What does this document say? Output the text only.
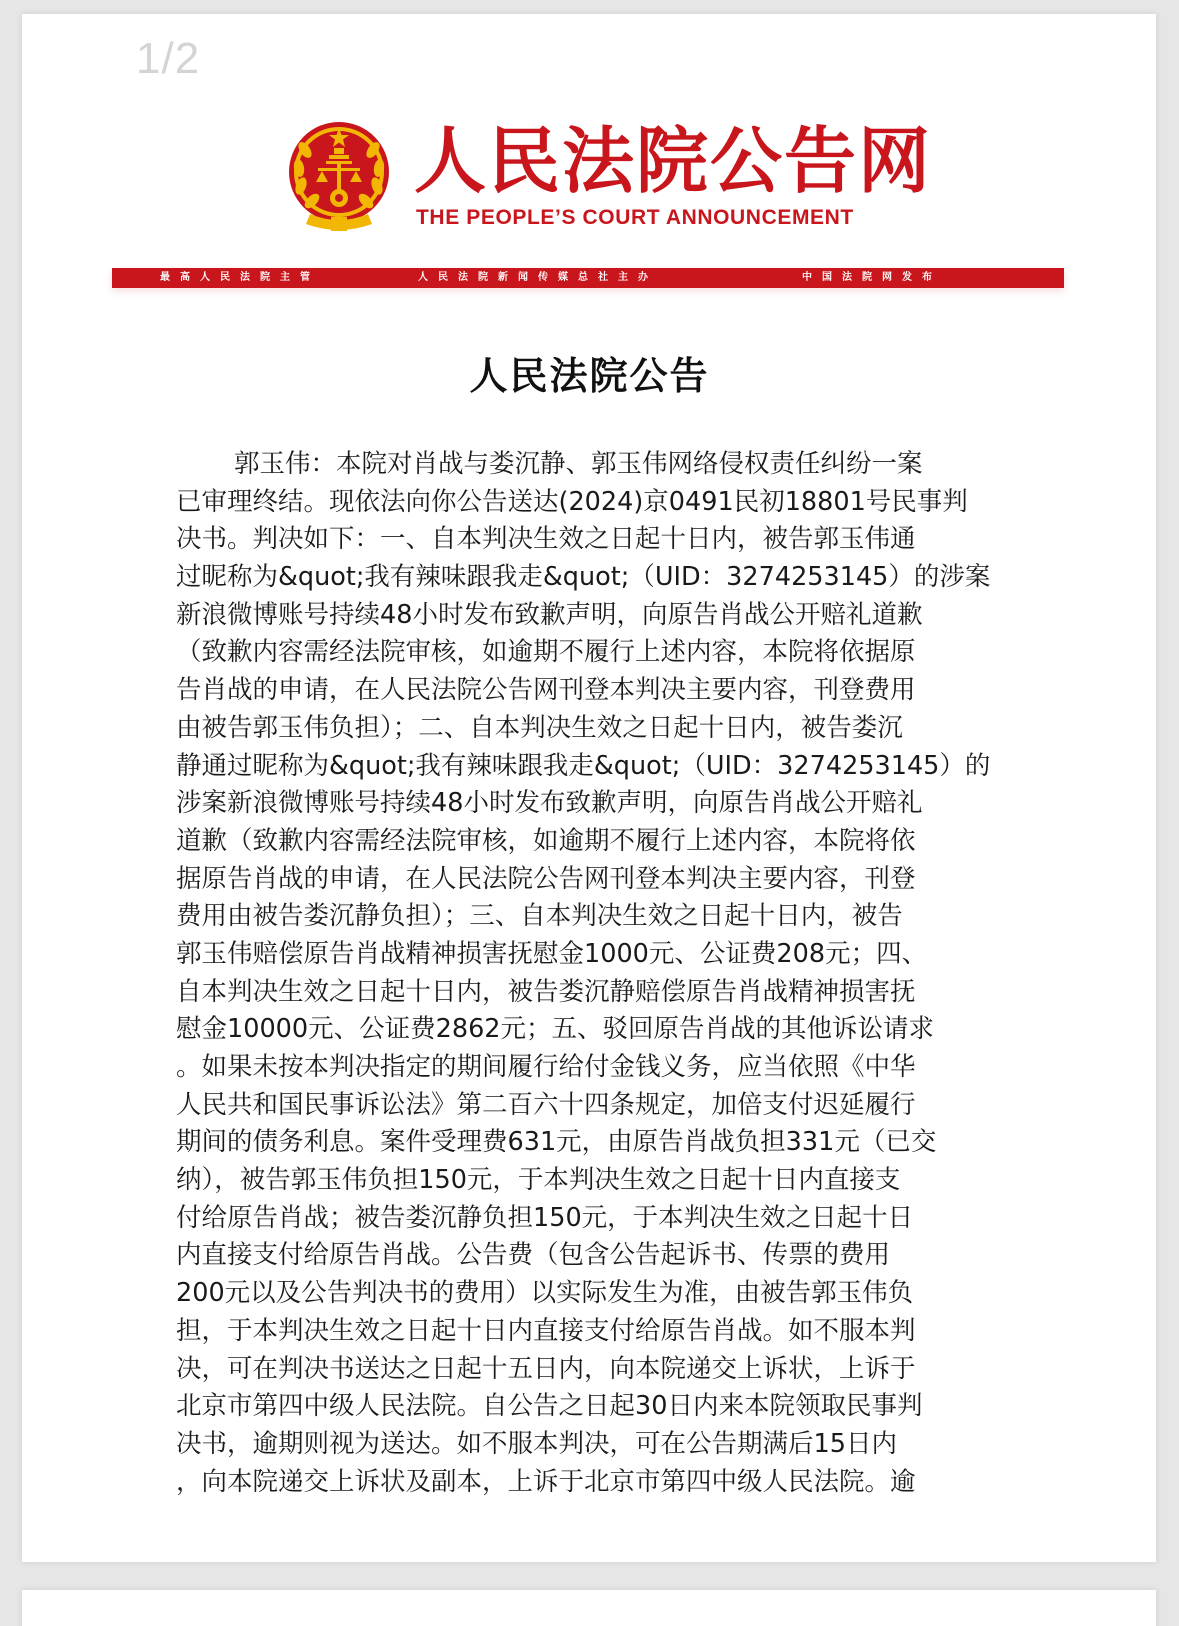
1/2
人民法院公告网
THE PEOPLE’S COURT ANNOUNCEMENT
最高人民法院主管	人民法院新闻传媒总社主办	中国法院网发布
人民法院公告
郭玉伟：本院对肖战与娄沉静、郭玉伟网络侵权责任纠纷一案
已审理终结。现依法向你公告送达(2024)京0491民初18801号民事判
决书。判决如下：一、自本判决生效之日起十日内，被告郭玉伟通
过昵称为&quot;我有辣味跟我走&quot;（UID：3274253145）的涉案
新浪微博账号持续48小时发布致歉声明，向原告肖战公开赔礼道歉
（致歉内容需经法院审核，如逾期不履行上述内容，本院将依据原
告肖战的申请，在人民法院公告网刊登本判决主要内容，刊登费用
由被告郭玉伟负担）；二、自本判决生效之日起十日内，被告娄沉
静通过昵称为&quot;我有辣味跟我走&quot;（UID：3274253145）的
涉案新浪微博账号持续48小时发布致歉声明，向原告肖战公开赔礼
道歉（致歉内容需经法院审核，如逾期不履行上述内容，本院将依
据原告肖战的申请，在人民法院公告网刊登本判决主要内容，刊登
费用由被告娄沉静负担）；三、自本判决生效之日起十日内，被告
郭玉伟赔偿原告肖战精神损害抚慰金1000元、公证费208元；四、
自本判决生效之日起十日内，被告娄沉静赔偿原告肖战精神损害抚
慰金10000元、公证费2862元；五、驳回原告肖战的其他诉讼请求
。如果未按本判决指定的期间履行给付金钱义务，应当依照《中华
人民共和国民事诉讼法》第二百六十四条规定，加倍支付迟延履行
期间的债务利息。案件受理费631元，由原告肖战负担331元（已交
纳），被告郭玉伟负担150元，于本判决生效之日起十日内直接支
付给原告肖战；被告娄沉静负担150元，于本判决生效之日起十日
内直接支付给原告肖战。公告费（包含公告起诉书、传票的费用
200元以及公告判决书的费用）以实际发生为准，由被告郭玉伟负
担，于本判决生效之日起十日内直接支付给原告肖战。如不服本判
决，可在判决书送达之日起十五日内，向本院递交上诉状，上诉于
北京市第四中级人民法院。自公告之日起30日内来本院领取民事判
决书，逾期则视为送达。如不服本判决，可在公告期满后15日内
，向本院递交上诉状及副本，上诉于北京市第四中级人民法院。逾
